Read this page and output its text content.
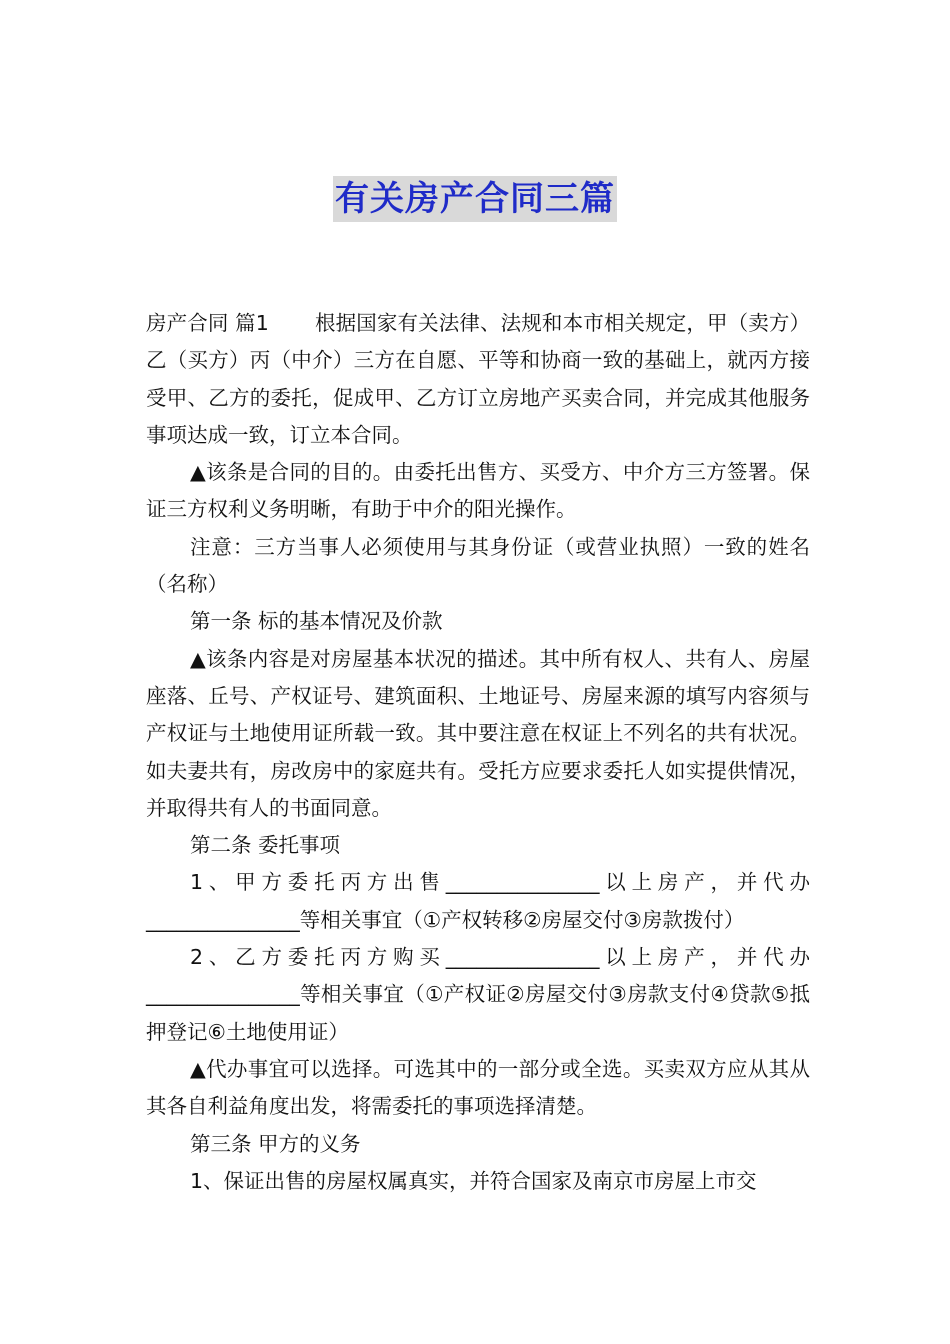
有关房产合同三篇

房产合同 篇1 根据国家有关法律、法规和本市相关规定，甲（卖方）乙（买方）丙（中介）三方在自愿、平等和协商一致的基础上，就丙方接受甲、乙方的委托，促成甲、乙方订立房地产买卖合同，并完成其他服务事项达成一致，订立本合同。

▲该条是合同的目的。由委托出售方、买受方、中介方三方签署。保证三方权利义务明晰，有助于中介的阳光操作。

注意：三方当事人必须使用与其身份证（或营业执照）一致的姓名（名称）

第一条 标的基本情况及价款

▲该条内容是对房屋基本状况的描述。其中所有权人、共有人、房屋座落、丘号、产权证号、建筑面积、土地证号、房屋来源的填写内容须与产权证与土地使用证所载一致。其中要注意在权证上不列名的共有状况。如夫妻共有，房改房中的家庭共有。受托方应要求委托人如实提供情况，并取得共有人的书面同意。

第二条 委托事项

1、甲方委托丙方出售_______________以上房产，并代办_______________等相关事宜（①产权转移②房屋交付③房款拨付）

2、乙方委托丙方购买_______________以上房产，并代办_______________等相关事宜（①产权证②房屋交付③房款支付④贷款⑤抵押登记⑥土地使用证）

▲代办事宜可以选择。可选其中的一部分或全选。买卖双方应从其从其各自利益角度出发，将需委托的事项选择清楚。

第三条 甲方的义务

1、保证出售的房屋权属真实，并符合国家及南京市房屋上市交
